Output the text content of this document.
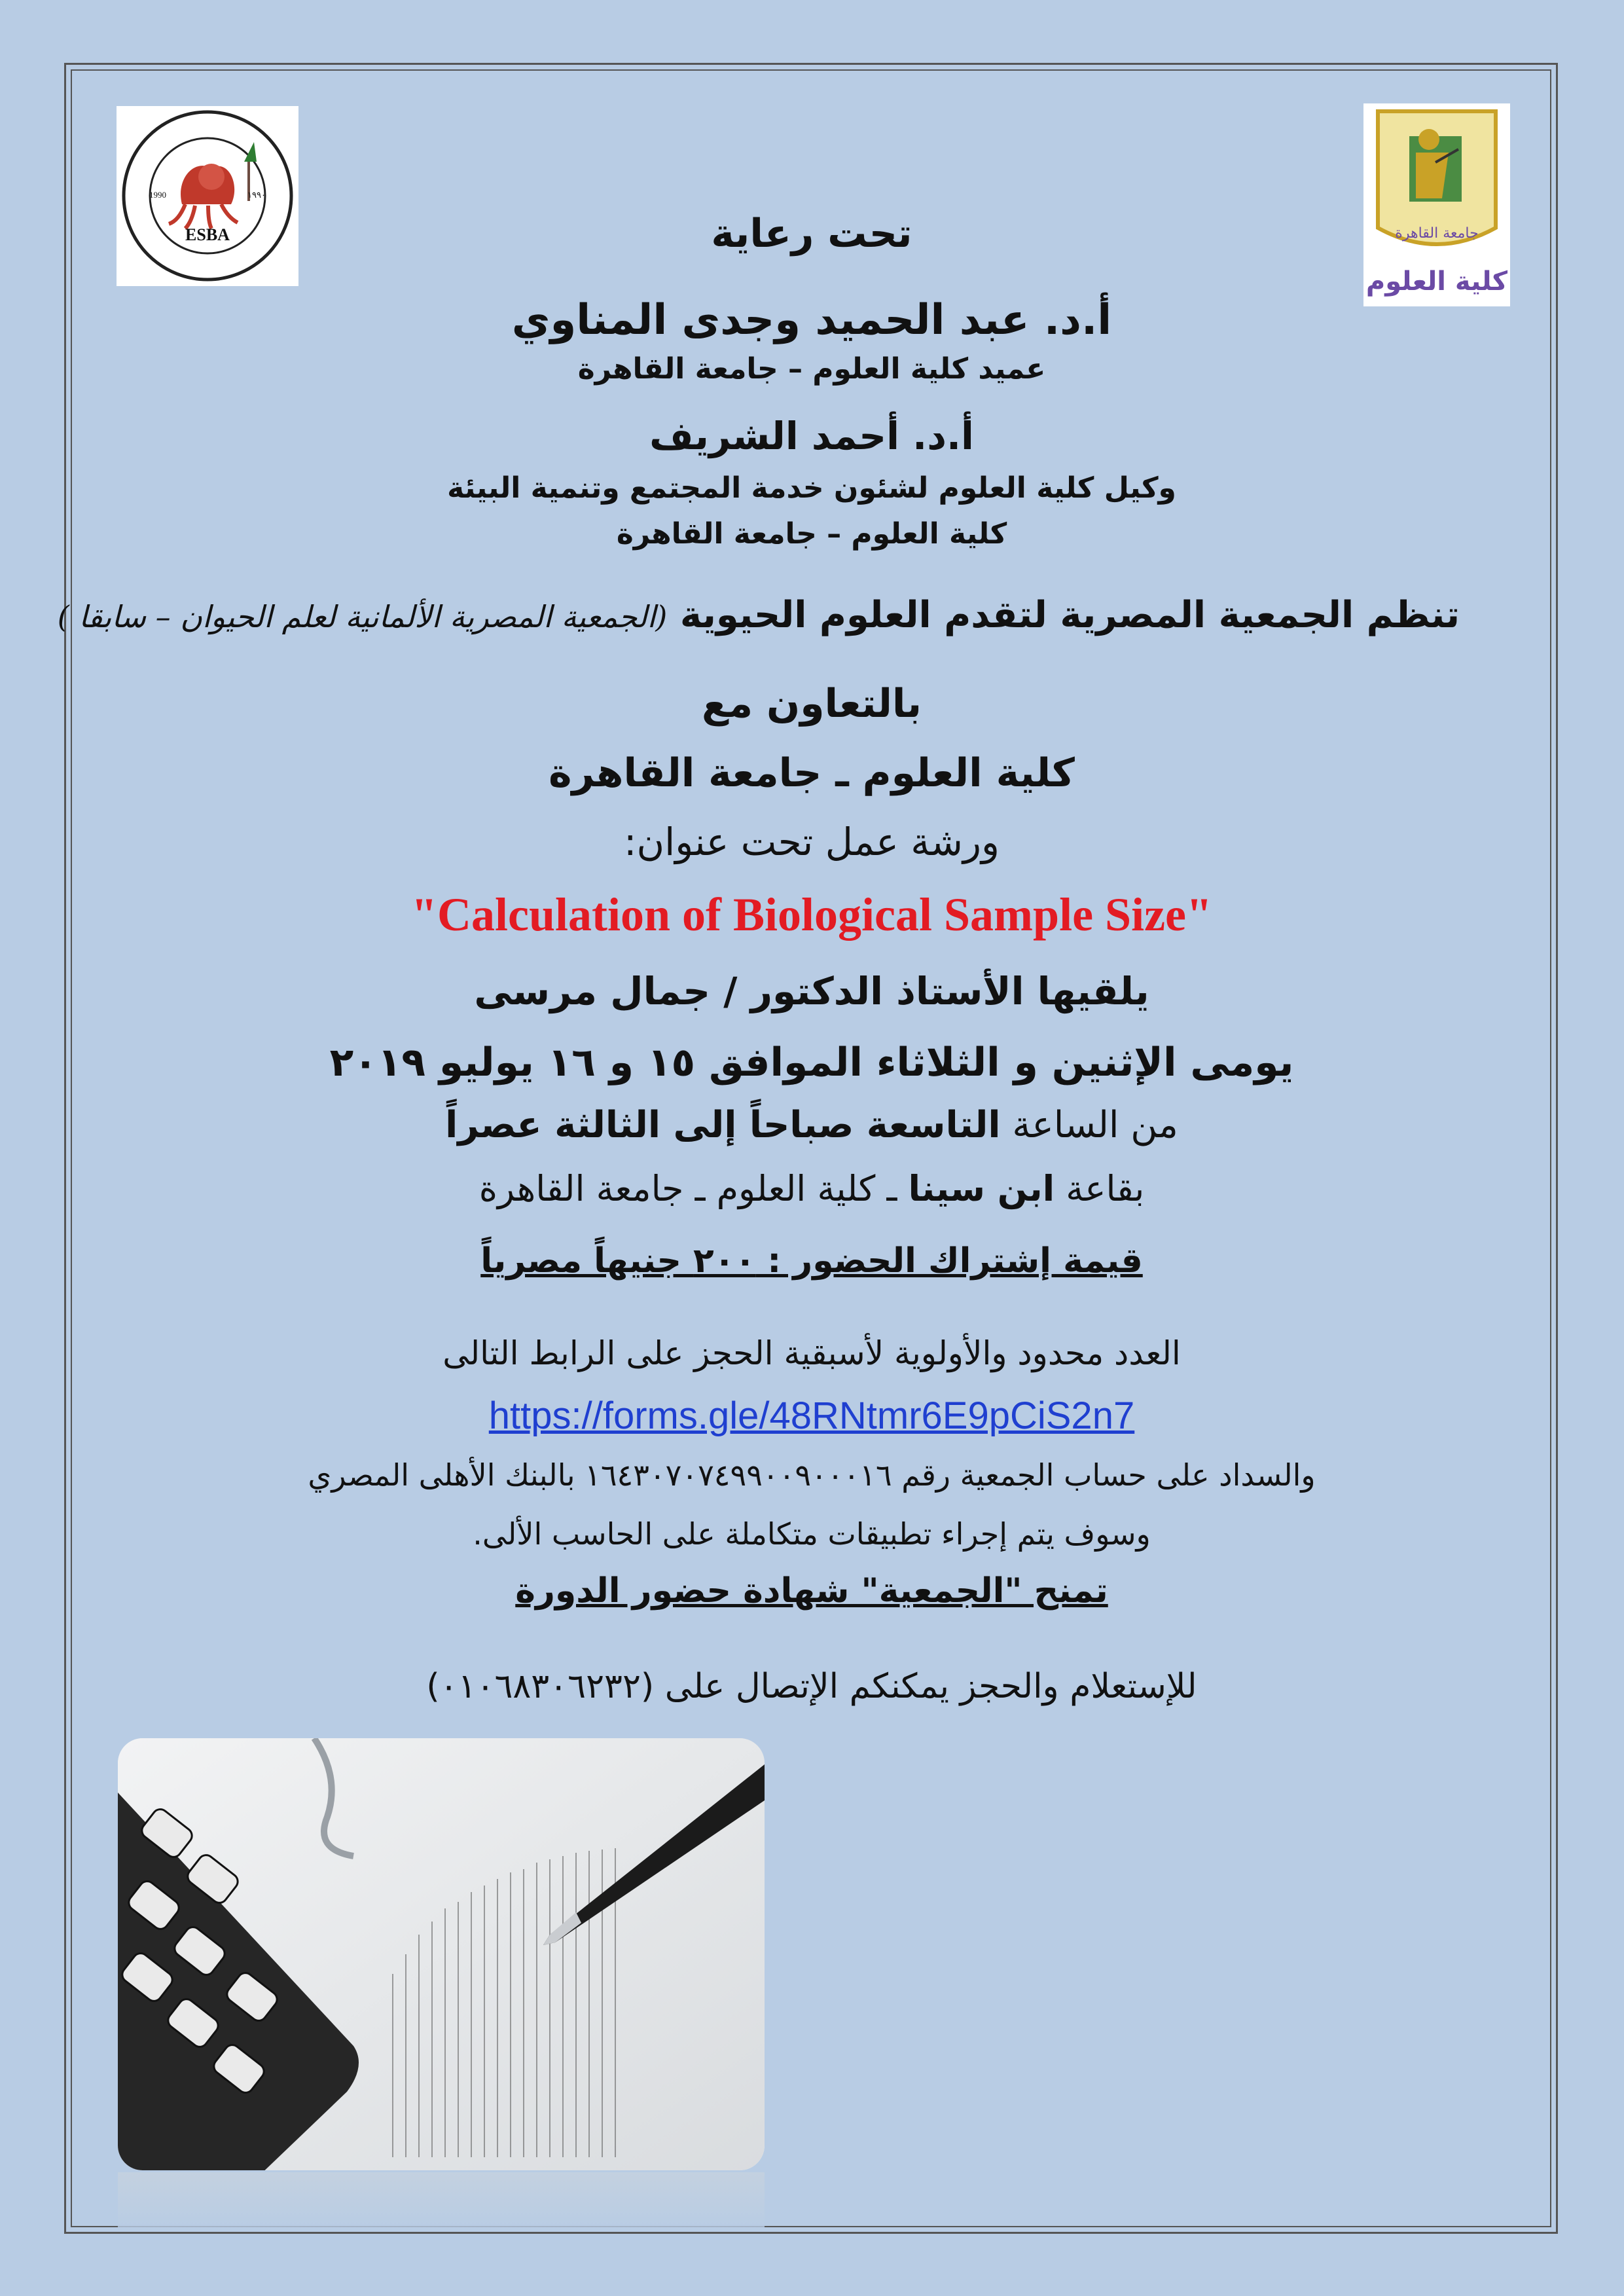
ESBA
1990	١٩٩٠
جامعة القاهرة
كلية العلوم
تحت رعاية
أ.د. عبد الحميد وجدى المناوي
عميد كلية العلوم – جامعة القاهرة
أ.د. أحمد الشريف
وكيل كلية العلوم لشئون خدمة المجتمع وتنمية البيئة
كلية العلوم – جامعة القاهرة
تنظم الجمعية المصرية لتقدم العلوم الحيوية (الجمعية المصرية الألمانية لعلم الحيوان – سابقا )
بالتعاون مع
كلية العلوم ـ جامعة القاهرة
ورشة عمل تحت عنوان:
"Calculation of Biological Sample Size"
يلقيها الأستاذ الدكتور / جمال مرسى
يومى الإثنين و الثلاثاء الموافق ١٥ و ١٦ يوليو ٢٠١٩
من الساعة التاسعة صباحاً إلى الثالثة عصراً
بقاعة ابن سينا ـ كلية العلوم ـ جامعة القاهرة
قيمة إشتراك الحضور : ٢٠٠ جنيهاً مصرياً
العدد محدود والأولوية لأسبقية الحجز على الرابط التالى
https://forms.gle/48RNtmr6E9pCiS2n7
والسداد على حساب الجمعية رقم ١٦٤٣٠٧٠٧٤٩٩٠٠٩٠٠٠١٦ بالبنك الأهلى المصري
وسوف يتم إجراء تطبيقات متكاملة على الحاسب الألى.
تمنح "الجمعية" شهادة حضور الدورة
للإستعلام والحجز يمكنكم الإتصال على (٠١٠٦٨٣٠٦٢٣٢)
